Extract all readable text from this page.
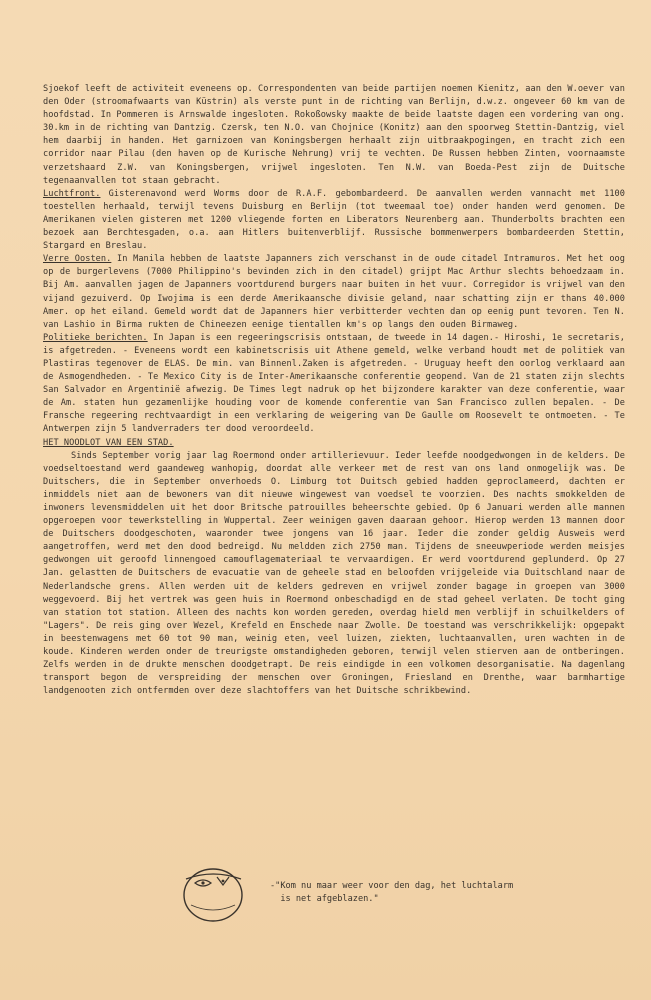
Sjoekof leeft de activiteit eveneens op. Correspondenten van beide partijen noemen Kienitz, aan den W.oever van den Oder (stroomafwaarts van Küstrin) als verste punt in de richting van Berlijn, d.w.z. ongeveer 60 km van de hoofdstad. In Pommeren is Arnswalde ingesloten. Rokoßowsky maakte de beide laatste dagen een vordering van ong. 30.km in de richting van Dantzig. Czersk, ten N.O. van Chojnice (Konitz) aan den spoorweg Stettin-Dantzig, viel hem daarbij in handen. Het garnizoen van Koningsbergen herhaalt zijn uitbraakpogingen, en tracht zich een corridor naar Pilau (den haven op de Kurische Nehrung) vrij te vechten. De Russen hebben Zinten, voornaamste verzetshaard Z.W. van Koningsbergen, vrijwel ingesloten. Ten N.W. van Boeda-Pest zijn de Duitsche tegenaanvallen tot staan gebracht.

Luchtfront. Gisterenavond werd Worms door de R.A.F. gebombardeerd. De aanvallen werden vannacht met 1100 toestellen herhaald, terwijl tevens Duisburg en Berlijn (tot tweemaal toe) onder handen werd genomen. De Amerikanen vielen gisteren met 1200 vliegende forten en Liberators Neurenberg aan. Thunderbolts brachten een bezoek aan Berchtesgaden, o.a. aan Hitlers buitenverblijf. Russische bommenwerpers bombardeerden Stettin, Stargard en Breslau.

Verre Oosten. In Manila hebben de laatste Japanners zich verschanst in de oude citadel Intramuros. Met het oog op de burgerlevens (7000 Philippino's bevinden zich in den citadel) grijpt Mac Arthur slechts behoedzaam in. Bij Am. aanvallen jagen de Japanners voortdurend burgers naar buiten in het vuur. Corregidor is vrijwel van den vijand gezuiverd. Op Iwojima is een derde Amerikaansche divisie geland, naar schatting zijn er thans 40.000 Amer. op het eiland. Gemeld wordt dat de Japanners hier verbitterder vechten dan op eenig punt tevoren. Ten N. van Lashio in Birma rukten de Chineezen eenige tientallen km's op langs den ouden Birmaweg.

Politieke berichten. In Japan is een regeeringscrisis ontstaan, de tweede in 14 dagen.- Hiroshi, 1e secretaris, is afgetreden. - Eveneens wordt een kabinetscrisis uit Athene gemeld, welke verband houdt met de politiek van Plastiras tegenover de ELAS. De min. van Binnenl.Zaken is afgetreden. - Uruguay heeft den oorlog verklaard aan de Asmogendheden. - Te Mexico City is de Inter-Amerikaansche conferentie geopend. Van de 21 staten zijn slechts San Salvador en Argentinië afwezig. De Times legt nadruk op het bijzondere karakter van deze conferentie, waar de Am. staten hun gezamenlijke houding voor de komende conferentie van San Francisco zullen bepalen. - De Fransche regeering rechtvaardigt in een verklaring de weigering van De Gaulle om Roosevelt te ontmoeten. - Te Antwerpen zijn 5 landverraders ter dood veroordeeld.

HET NOODLOT VAN EEN STAD.

Sinds September vorig jaar lag Roermond onder artillerievuur. Ieder leefde noodgedwongen in de kelders. De voedseltoestand werd gaandeweg wanhopig, doordat alle verkeer met de rest van ons land onmogelijk was. De Duitschers, die in September onverhoeds O. Limburg tot Duitsch gebied hadden geproclameerd, dachten er inmiddels niet aan de bewoners van dit nieuwe wingewest van voedsel te voorzien. Des nachts smokkelden de inwoners levensmiddelen uit het door Britsche patrouilles beheerschte gebied. Op 6 Januari werden alle mannen opgeroepen voor tewerkstelling in Wuppertal. Zeer weinigen gaven daaraan gehoor. Hierop werden 13 mannen door de Duitschers doodgeschoten, waaronder twee jongens van 16 jaar. Ieder die zonder geldig Ausweis werd aangetroffen, werd met den dood bedreigd. Nu meldden zich 2750 man. Tijdens de sneeuwperiode werden meisjes gedwongen uit geroofd linnengoed camouflagemateriaal te vervaardigen. Er werd voortdurend geplunderd. Op 27 Jan. gelastten de Duitschers de evacuatie van de geheele stad en beloofden vrijgeleide via Duitschland naar de Nederlandsche grens. Allen werden uit de kelders gedreven en vrijwel zonder bagage in groepen van 3000 weggevoerd. Bij het vertrek was geen huis in Roermond onbeschadigd en de stad geheel verlaten. De tocht ging van station tot station. Alleen des nachts kon worden gereden, overdag hield men verblijf in schuilkelders of "Lagers". De reis ging over Wezel, Krefeld en Enschede naar Zwolle. De toestand was verschrikkelijk: opgepakt in beestenwagens met 60 tot 90 man, weinig eten, veel luizen, ziekten, luchtaanvallen, uren wachten in de koude. Kinderen werden onder de treurigste omstandigheden geboren, terwijl velen stierven aan de ontberingen. Zelfs werden in de drukte menschen doodgetrapt. De reis eindigde in een volkomen desorganisatie. Na dagenlang transport begon de verspreiding der menschen over Groningen, Friesland en Drenthe, waar barmhartige landgenooten zich ontfermden over deze slachtoffers van het Duitsche schrikbewind.

-"Kom nu maar weer voor den dag, het luchtalarm
is net afgeblazen."
